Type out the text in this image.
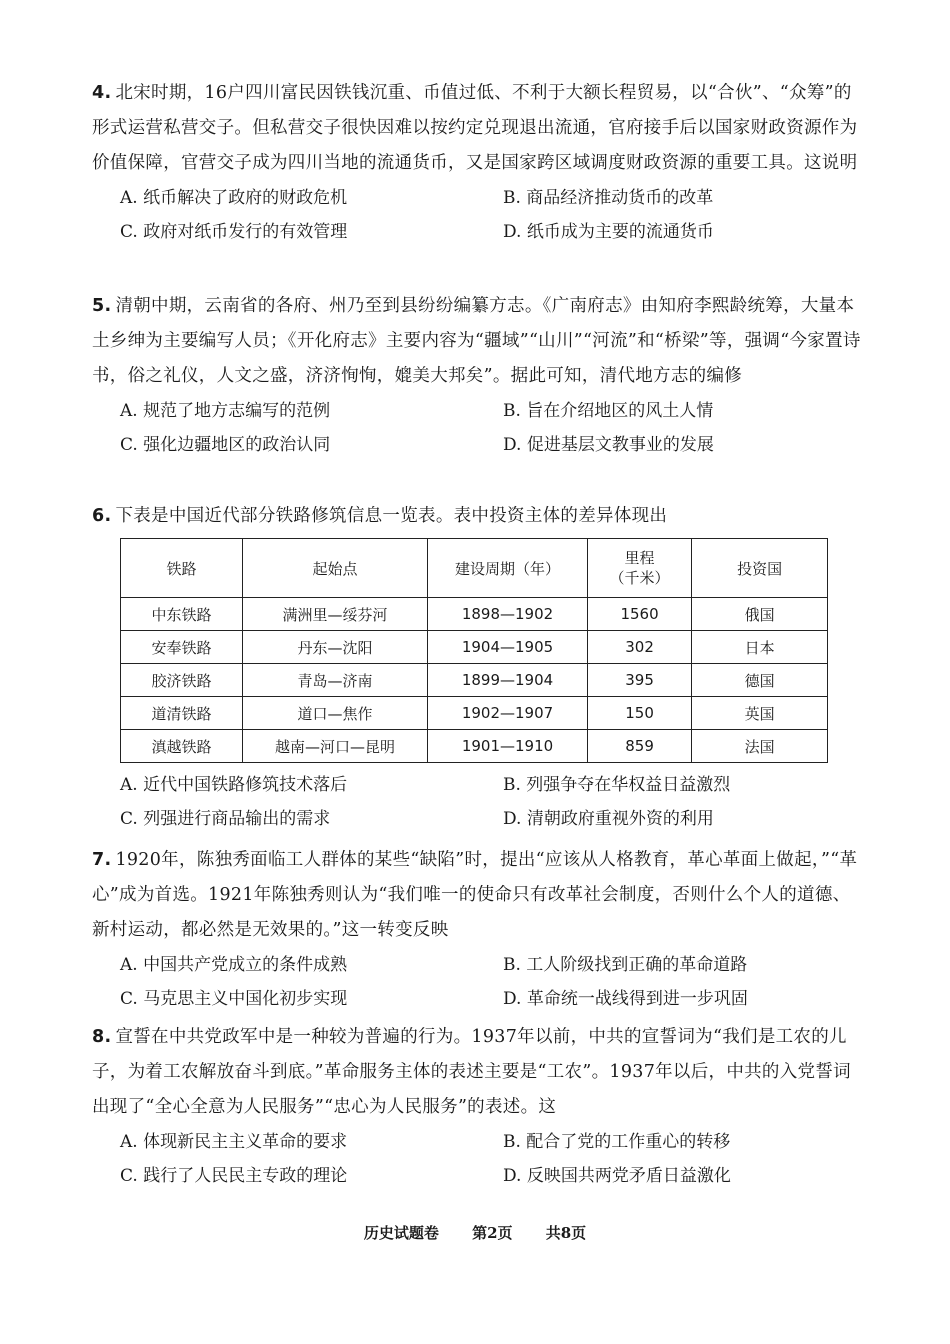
4. 北宋时期，16户四川富民因铁钱沉重、币值过低、不利于大额长程贸易，以“合伙”、“众筹”的形式运营私营交子。但私营交子很快因难以按约定兑现退出流通，官府接手后以国家财政资源作为价值保障，官营交子成为四川当地的流通货币，又是国家跨区域调度财政资源的重要工具。这说明

A. 纸币解决了政府的财政危机	B. 商品经济推动货币的改革
C. 政府对纸币发行的有效管理	D. 纸币成为主要的流通货币

5. 清朝中期，云南省的各府、州乃至到县纷纷编纂方志。《广南府志》由知府李熙龄统筹，大量本土乡绅为主要编写人员；《开化府志》主要内容为“疆域”“山川”“河流”和“桥梁”等，强调“今家置诗书，俗之礼仪，人文之盛，济济恂恂，媲美大邦矣”。据此可知，清代地方志的编修

A. 规范了地方志编写的范例	B. 旨在介绍地区的风土人情
C. 强化边疆地区的政治认同	D. 促进基层文教事业的发展

6. 下表是中国近代部分铁路修筑信息一览表。表中投资主体的差异体现出

铁路	起始点	建设周期（年）	里程
（千米）	投资国
中东铁路	满洲里—绥芬河	1898—1902	1560	俄国
安奉铁路	丹东—沈阳	1904—1905	302	日本
胶济铁路	青岛—济南	1899—1904	395	德国
道清铁路	道口—焦作	1902—1907	150	英国
滇越铁路	越南—河口—昆明	1901—1910	859	法国
A. 近代中国铁路修筑技术落后	B. 列强争夺在华权益日益激烈
C. 列强进行商品输出的需求	D. 清朝政府重视外资的利用

7. 1920年，陈独秀面临工人群体的某些“缺陷”时，提出“应该从人格教育，革心革面上做起，”“革心”成为首选。1921年陈独秀则认为“我们唯一的使命只有改革社会制度，否则什么个人的道德、新村运动，都必然是无效果的。”这一转变反映

A. 中国共产党成立的条件成熟	B. 工人阶级找到正确的革命道路
C. 马克思主义中国化初步实现	D. 革命统一战线得到进一步巩固

8. 宣誓在中共党政军中是一种较为普遍的行为。1937年以前，中共的宣誓词为“我们是工农的儿子，为着工农解放奋斗到底。”革命服务主体的表述主要是“工农”。1937年以后，中共的入党誓词出现了“全心全意为人民服务”“忠心为人民服务”的表述。这

A. 体现新民主主义革命的要求	B. 配合了党的工作重心的转移
C. 践行了人民民主专政的理论	D. 反映国共两党矛盾日益激化
历史试题卷 第2页 共8页
